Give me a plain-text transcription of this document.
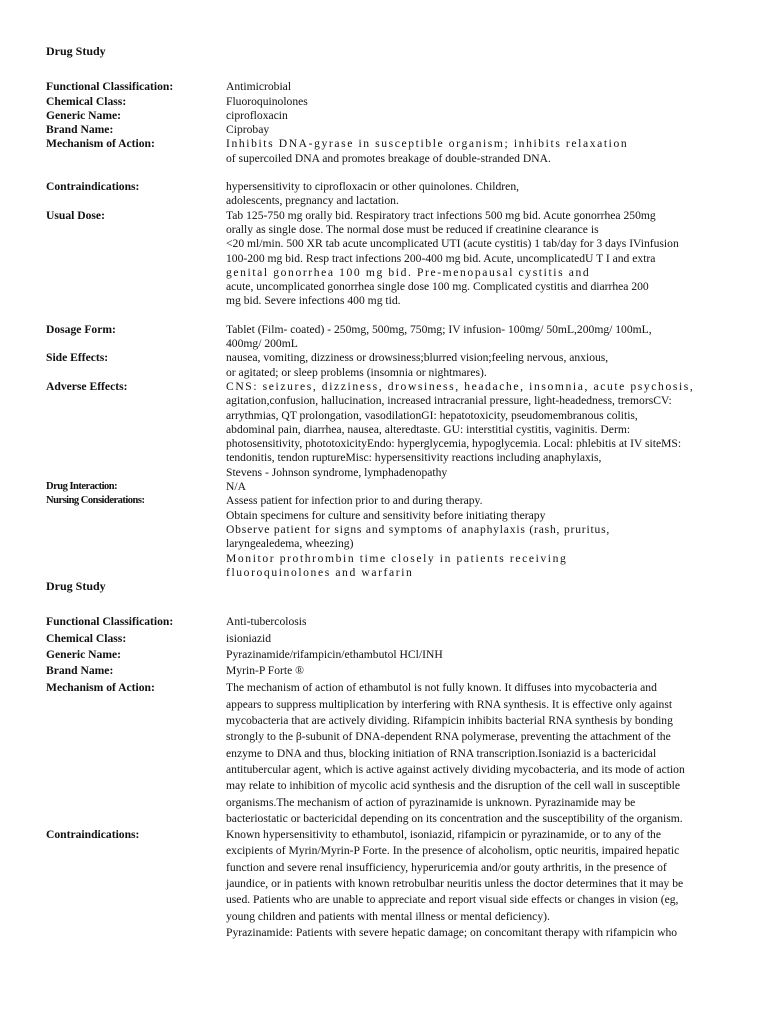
Drug Study
Functional Classification:	Antimicrobial
Chemical Class:	Fluoroquinolones
Generic Name:	ciprofloxacin
Brand Name:	Ciprobay
Mechanism of Action:	Inhibits DNA-gyrase in susceptible organism; inhibits relaxation
of supercoiled DNA and promotes breakage of double-stranded DNA.
Contraindications:	hypersensitivity to ciprofloxacin or other quinolones. Children,
adolescents, pregnancy and lactation.
Usual Dose:	Tab 125-750 mg orally bid. Respiratory tract infections 500 mg bid. Acute gonorrhea 250mg
orally as single dose. The normal dose must be reduced if creatinine clearance is
<20 ml/min. 500 XR tab acute uncomplicated UTI (acute cystitis) 1 tab/day for 3 days IVinfusion
100-200 mg bid. Resp tract infections 200-400 mg bid. Acute, uncomplicatedU T I and extra
genital gonorrhea 100 mg bid. Pre-menopausal cystitis and
acute, uncomplicated gonorrhea single dose 100 mg. Complicated cystitis and diarrhea 200
mg bid. Severe infections 400 mg tid.
Dosage Form:	Tablet (Film- coated) - 250mg, 500mg, 750mg; IV infusion- 100mg/ 50mL,200mg/ 100mL,
400mg/ 200mL
Side Effects:	nausea, vomiting, dizziness or drowsiness;blurred vision;feeling nervous, anxious,
or agitated; or sleep problems (insomnia or nightmares).
Adverse Effects:	CNS: seizures, dizziness, drowsiness, headache, insomnia, acute psychosis,
agitation,confusion, hallucination, increased intracranial pressure, light-headedness, tremorsCV:
arrythmias, QT prolongation, vasodilationGI: hepatotoxicity, pseudomembranous colitis,
abdominal pain, diarrhea, nausea, alteredtaste. GU: interstitial cystitis, vaginitis. Derm:
photosensitivity, phototoxicityEndo: hyperglycemia, hypoglycemia. Local: phlebitis at IV siteMS:
tendonitis, tendon ruptureMisc: hypersensitivity reactions including anaphylaxis,
Stevens - Johnson syndrome, lymphadenopathy
Drug Interaction:	N/A
Nursing Considerations:	Assess patient for infection prior to and during therapy.
Obtain specimens for culture and sensitivity before initiating therapy
Observe patient for signs and symptoms of anaphylaxis (rash, pruritus,
laryngealedema, wheezing)
Monitor prothrombin time closely in patients receiving
fluoroquinolones and warfarin
Drug Study
Functional Classification:	Anti-tubercolosis
Chemical Class:	isioniazid
Generic Name:	Pyrazinamide/rifampicin/ethambutol HCl/INH
Brand Name:	Myrin-P Forte ®
Mechanism of Action:	The mechanism of action of ethambutol is not fully known. It diffuses into mycobacteria and
appears to suppress multiplication by interfering with RNA synthesis. It is effective only against
mycobacteria that are actively dividing. Rifampicin inhibits bacterial RNA synthesis by bonding
strongly to the β-subunit of DNA-dependent RNA polymerase, preventing the attachment of the
enzyme to DNA and thus, blocking initiation of RNA transcription.Isoniazid is a bactericidal
antitubercular agent, which is active against actively dividing mycobacteria, and its mode of action
may relate to inhibition of mycolic acid synthesis and the disruption of the cell wall in susceptible
organisms.The mechanism of action of pyrazinamide is unknown. Pyrazinamide may be
bacteriostatic or bactericidal depending on its concentration and the susceptibility of the organism.
Contraindications:	Known hypersensitivity to ethambutol, isoniazid, rifampicin or pyrazinamide, or to any of the
excipients of Myrin/Myrin-P Forte. In the presence of alcoholism, optic neuritis, impaired hepatic
function and severe renal insufficiency, hyperuricemia and/or gouty arthritis, in the presence of
jaundice, or in patients with known retrobulbar neuritis unless the doctor determines that it may be
used. Patients who are unable to appreciate and report visual side effects or changes in vision (eg,
young children and patients with mental illness or mental deficiency).
Pyrazinamide: Patients with severe hepatic damage; on concomitant therapy with rifampicin who
